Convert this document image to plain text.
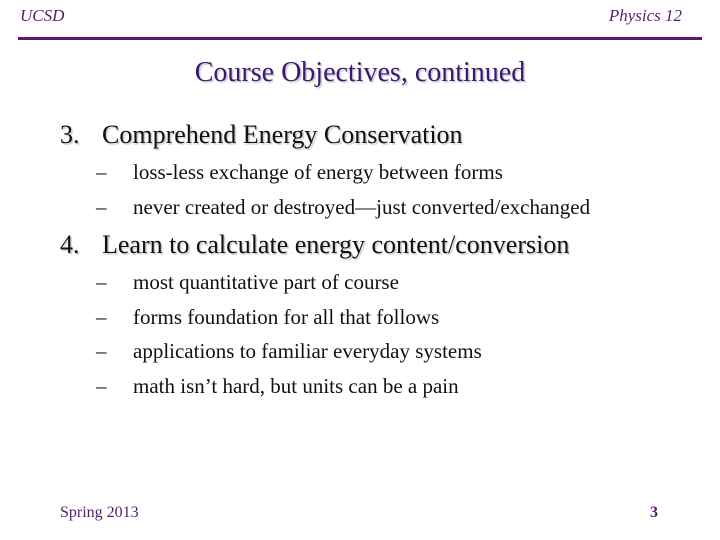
UCSD	Physics 12
Course Objectives, continued
3. Comprehend Energy Conservation
– loss-less exchange of energy between forms
– never created or destroyed—just converted/exchanged
4. Learn to calculate energy content/conversion
– most quantitative part of course
– forms foundation for all that follows
– applications to familiar everyday systems
– math isn’t hard, but units can be a pain
Spring 2013	3
